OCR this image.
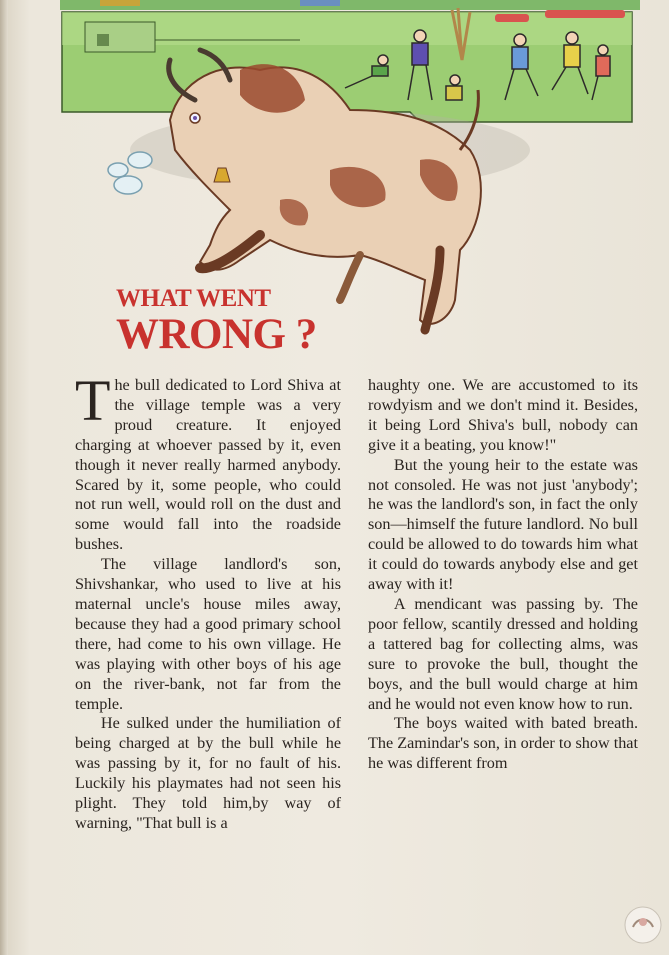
WHAT WENT
WRONG ?

The bull dedicated to Lord Shiva at the village temple was a very proud creature. It enjoyed charging at whoever passed by it, even though it never really harmed anybody. Scared by it, some people, who could not run well, would roll on the dust and some would fall into the roadside bushes.

The village landlord's son, Shivshankar, who used to live at his maternal uncle's house miles away, because they had a good primary school there, had come to his own village. He was playing with other boys of his age on the river-bank, not far from the temple.

He sulked under the humiliation of being charged at by the bull while he was passing by it, for no fault of his. Luckily his playmates had not seen his plight. They told him,by way of warning, "That bull is a

haughty one. We are accustomed to its rowdyism and we don't mind it. Besides, it being Lord Shiva's bull, nobody can give it a beating, you know!"

But the young heir to the estate was not consoled. He was not just 'anybody'; he was the landlord's son, in fact the only son—himself the future landlord. No bull could be allowed to do towards him what it could do towards anybody else and get away with it!

A mendicant was passing by. The poor fellow, scantily dressed and holding a tattered bag for collecting alms, was sure to provoke the bull, thought the boys, and the bull would charge at him and he would not even know how to run.

The boys waited with bated breath. The Zamindar's son, in order to show that he was different from
